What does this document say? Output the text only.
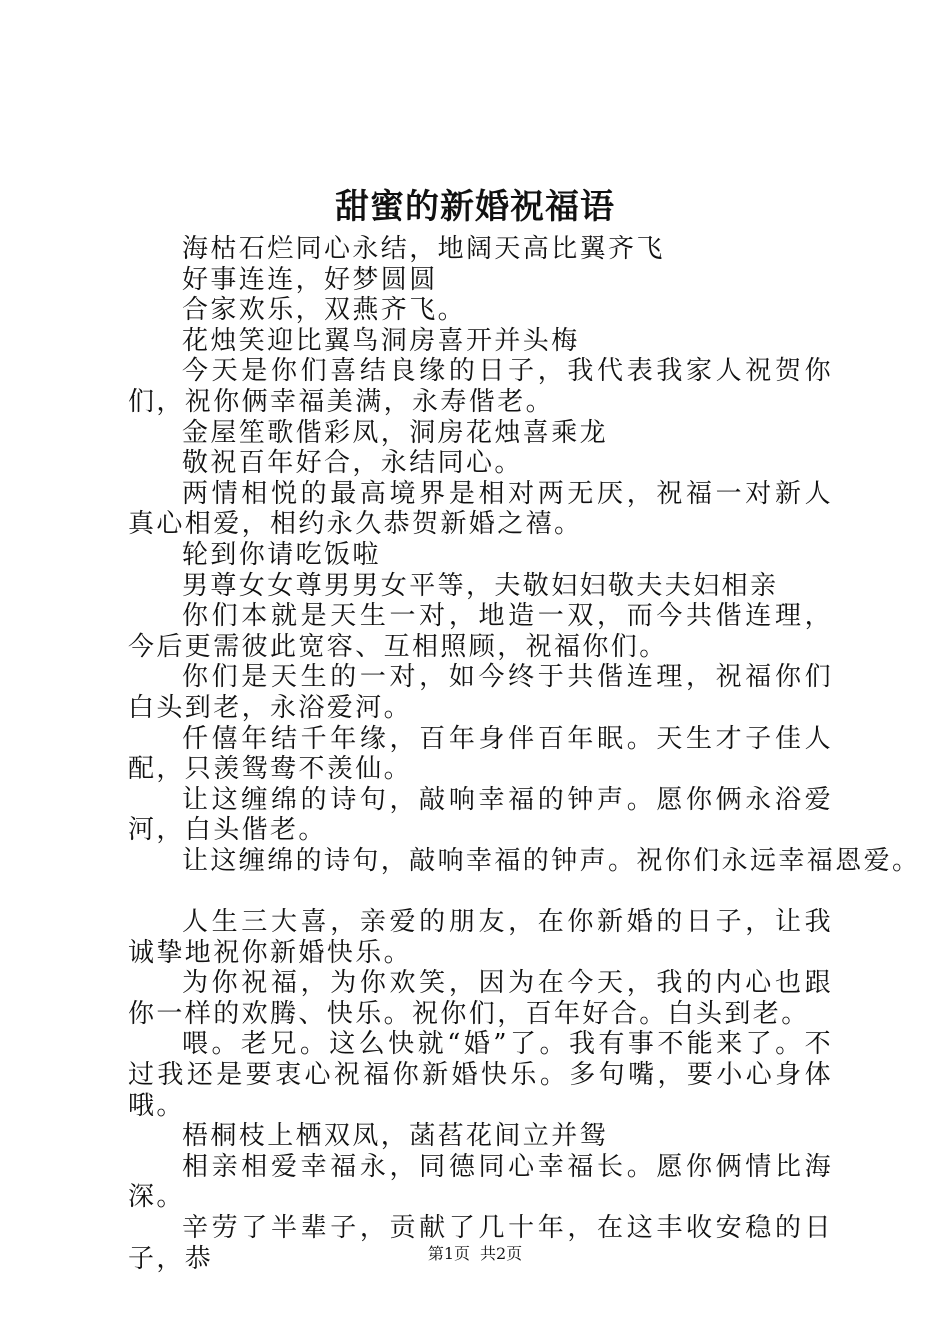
甜蜜的新婚祝福语

海枯石烂同心永结，地阔天高比翼齐飞

好事连连，好梦圆圆

合家欢乐，双燕齐飞。

花烛笑迎比翼鸟洞房喜开并头梅

今天是你们喜结良缘的日子，我代表我家人祝贺你们，祝你俩幸福美满，永寿偕老。

金屋笙歌偕彩凤，洞房花烛喜乘龙

敬祝百年好合，永结同心。

两情相悦的最高境界是相对两无厌，祝福一对新人真心相爱，相约永久恭贺新婚之禧。

轮到你请吃饭啦

男尊女女尊男男女平等，夫敬妇妇敬夫夫妇相亲

你们本就是天生一对，地造一双，而今共偕连理，今后更需彼此宽容、互相照顾，祝福你们。

你们是天生的一对，如今终于共偕连理，祝福你们白头到老，永浴爱河。

仟僖年结千年缘，百年身伴百年眠。天生才子佳人配，只羡鸳鸯不羡仙。

让这缠绵的诗句，敲响幸福的钟声。愿你俩永浴爱河，白头偕老。

让这缠绵的诗句，敲响幸福的钟声。祝你们永远幸福恩爱。

人生三大喜，亲爱的朋友，在你新婚的日子，让我诚挚地祝你新婚快乐。

为你祝福，为你欢笑，因为在今天，我的内心也跟你一样的欢腾、快乐。祝你们，百年好合。白头到老。

喂。老兄。这么快就“婚”了。我有事不能来了。不过我还是要衷心祝福你新婚快乐。多句嘴，要小心身体哦。

梧桐枝上栖双凤，菡萏花间立并鸳

相亲相爱幸福永，同德同心幸福长。愿你俩情比海深。

辛劳了半辈子，贡献了几十年，在这丰收安稳的日子，恭	第1页 共2页
